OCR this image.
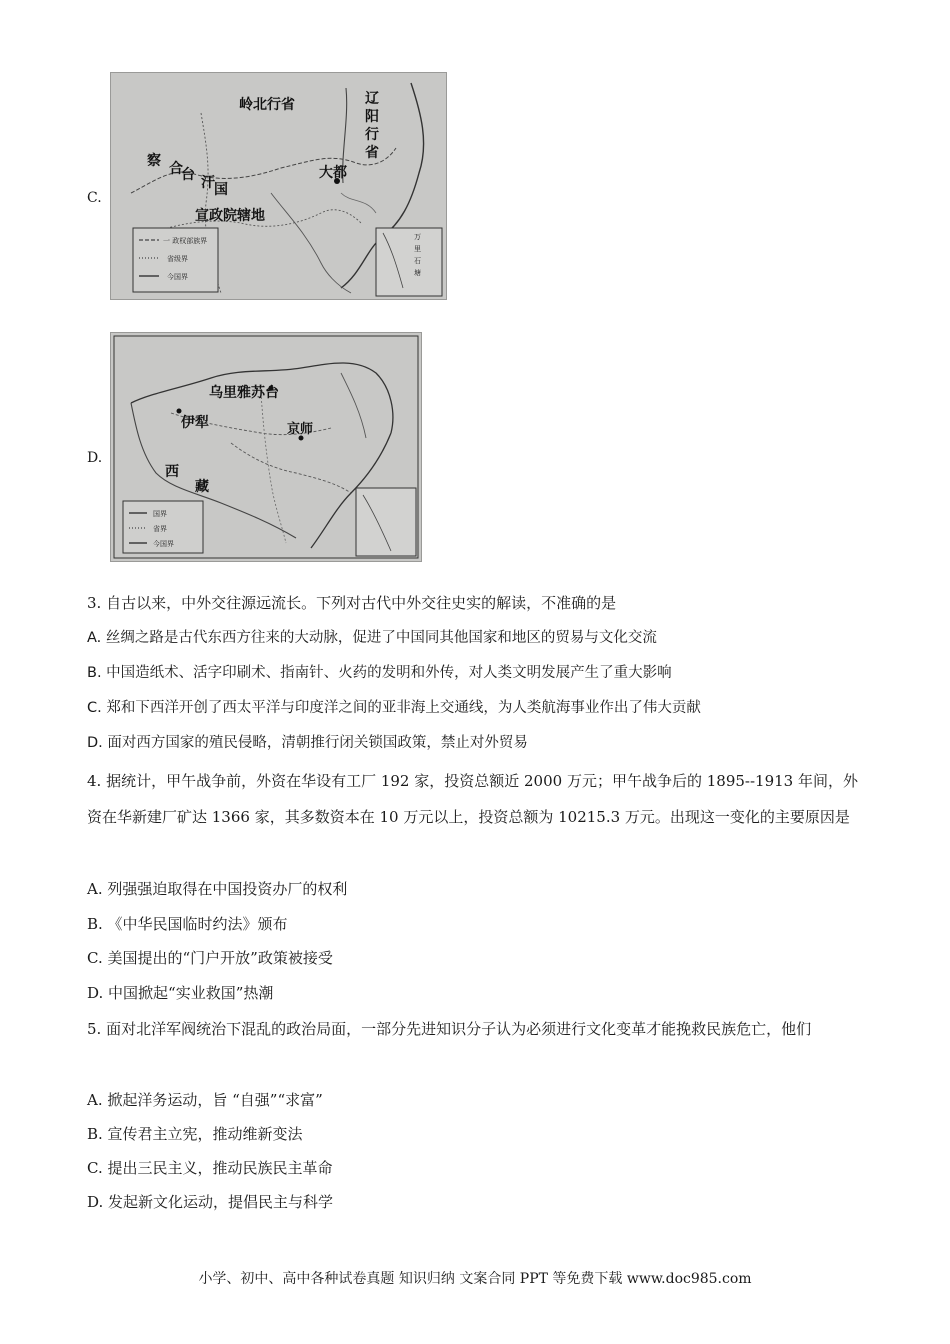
C.
一 政权部族界
省级界
今国界
岭北行省	辽
阳
行
省
察 合
台 汗 国
大都
宣政院辖地
万
里
石
塘
D.
国界
省界
今国界
乌里雅苏台
伊犁	京师
西
藏
3. 自古以来，中外交往源远流长。下列对古代中外交往史实的解读，不准确的是
A. 丝绸之路是古代东西方往来的大动脉，促进了中国同其他国家和地区的贸易与文化交流
B. 中国造纸术、活字印刷术、指南针、火药的发明和外传，对人类文明发展产生了重大影响
C. 郑和下西洋开创了西太平洋与印度洋之间的亚非海上交通线，为人类航海事业作出了伟大贡献
D. 面对西方国家的殖民侵略，清朝推行闭关锁国政策，禁止对外贸易
4. 据统计，甲午战争前，外资在华设有工厂 192 家，投资总额近 2000 万元；甲午战争后的 1895--1913 年间，外资在华新建厂矿达 1366 家，其多数资本在 10 万元以上，投资总额为 10215.3 万元。出现这一变化的主要原因是
A. 列强强迫取得在中国投资办厂的权利
B. 《中华民国临时约法》颁布
C. 美国提出的“门户开放”政策被接受
D. 中国掀起“实业救国”热潮
5. 面对北洋军阀统治下混乱的政治局面，一部分先进知识分子认为必须进行文化变革才能挽救民族危亡，他们
A. 掀起洋务运动，旨 “自强”“求富”
B. 宣传君主立宪，推动维新变法
C. 提出三民主义，推动民族民主革命
D. 发起新文化运动，提倡民主与科学
小学、初中、高中各种试卷真题 知识归纳 文案合同 PPT 等免费下载 www.doc985.com
